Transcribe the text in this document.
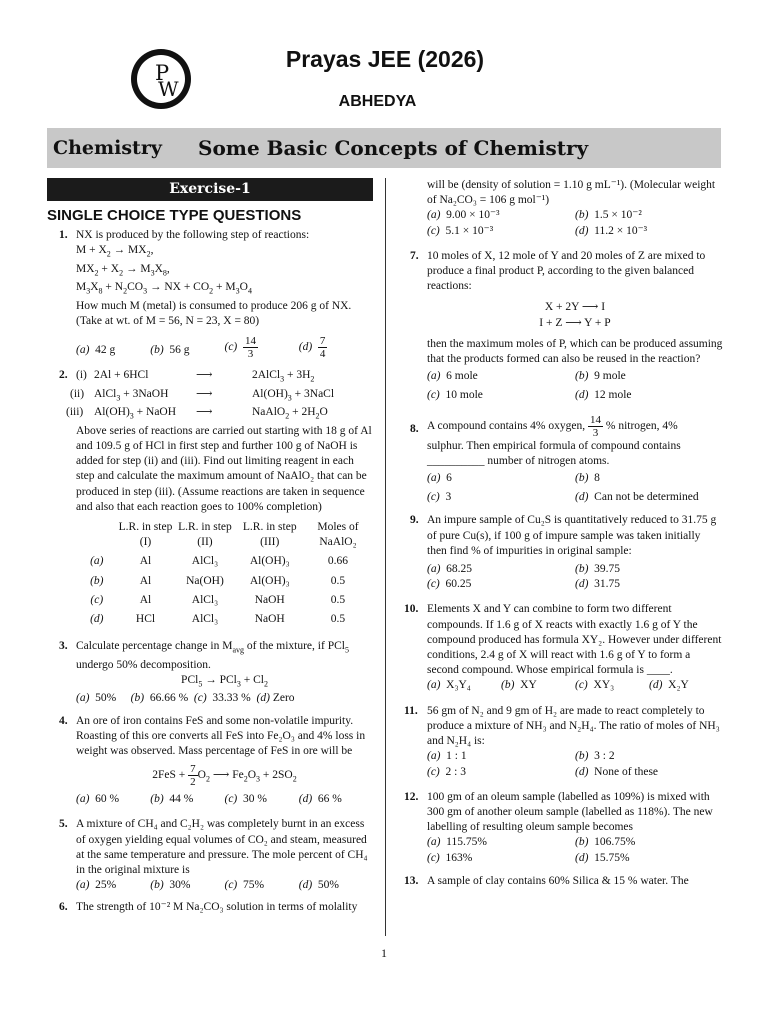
P
W
Prayas JEE (2026)
ABHEDYA
Chemistry	Some Basic Concepts of Chemistry
Exercise-1
SINGLE CHOICE TYPE QUESTIONS
1. NX is produced by the following step of reactions:
$M + X_2 \to MX_2$,
$MX_2 + X_2 \to M_3X_8$,
$M_3X_8 + N_2CO_3$ → NX + $CO_2 + M_3O_4$
How much M (metal) is consumed to produce 206 g of NX.
(Take at wt. of M = 56, N = 23, X = 80)
(a) 42 g	(b) 56 g	$(c) \frac{14}{3}$	$(d) \frac{7}{4}$
2. (i) 2Al + 6HCl	⟶	2AlCl$_3$ + $3H_2$
(ii) AlCl$_3$ + 3NaOH	⟶	$Al(OH)_3$ + 3NaCl
(iii) $Al(OH)_3$ + NaOH	⟶	NaAlO$_2$ + $2H_2O$
Above series of reactions are carried out starting with 18 g of Al and 109.5 g of HCl in first step and further 100 g of NaOH is added for step (ii) and (iii). Find out limiting reagent in each step and calculate the maximum amount of NaAlO₂ that can be produced in step (iii). (Assume reactions are taken in sequence and also that each reaction goes to 100% completion)
	L.R. in step (I)	L.R. in step (II)	L.R. in step (III)	Moles of NaAlO₂
(a)	Al	AlCl₃	Al(OH)₃	0.66
(b)	Al	Na(OH)	Al(OH)₃	0.5
(c)	Al	AlCl₃	NaOH	0.5
(d)	HCl	AlCl₃	NaOH	0.5
3. Calculate percentage change in $M_{avg}$ of the mixture, if PCl$_5$ undergo 50% decomposition.
$PCl_5 \to PCl_3 + Cl_2$
(a) 50% (b) 66.66 % (c) 33.33 % (d) Zero
4. An ore of iron contains FeS and some non-volatile impurity. Roasting of this ore converts all FeS into Fe₂O₃ and 4% loss in weight was observed. Mass percentage of FeS in ore will be
$2FeS + \frac{7}{2} O_2$ ⟶ $Fe_2O_3 + 2SO_2$
(a) 60 %	(b) 44 %	(c) 30 %	(d) 66 %
5. A mixture of CH₄ and C₂H₂ was completely burnt in an excess of oxygen yielding equal volumes of CO₂ and steam, measured at the same temperature and pressure. The mole percent of CH₄ in the original mixture is
(a) 25%	(b) 30%	(c) 75%	(d) 50%
6. The strength of 10⁻² M Na₂CO₃ solution in terms of molality
will be (density of solution = 1.10 g mL⁻¹). (Molecular weight of Na₂CO₃ = 106 g mol⁻¹)
(a) 9.00 × 10⁻³	(b) 1.5 × 10⁻²
(c) 5.1 × 10⁻³	(d) 11.2 × 10⁻³
7. 10 moles of X, 12 mole of Y and 20 moles of Z are mixed to produce a final product P, according to the given balanced reactions:
X + 2Y ⟶ I
I + Z ⟶ Y + P
then the maximum moles of P, which can be produced assuming that the products formed can also be reused in the reaction?
(a) 6 mole	(b) 9 mole
(c) 10 mole	(d) 12 mole
8. A compound contains 4% oxygen, $\frac{14}{3}$ % nitrogen, 4%
sulphur. Then empirical formula of compound contains __________ number of nitrogen atoms.
(a) 6	(b) 8
(c) 3	(d) Can not be determined
9. An impure sample of Cu₂S is quantitatively reduced to 31.75 g of pure Cu(s), if 100 g of impure sample was taken initially then find % of impurities in original sample:
(a) 68.25	(b) 39.75
(c) 60.25	(d) 31.75
10. Elements X and Y can combine to form two different compounds. If 1.6 g of X reacts with exactly 1.6 g of Y the compound produced has formula XY₂. However under different conditions, 2.4 g of X will react with 1.6 g of Y to form a second compound. Whose empirical formula is ____.
(a) X₃Y₄	(b) XY	(c) XY₃	(d) X₂Y
11. 56 gm of N₂ and 9 gm of H₂ are made to react completely to produce a mixture of NH₃ and N₂H₄. The ratio of moles of NH₃ and N₂H₄ is:
(a) 1 : 1	(b) 3 : 2
(c) 2 : 3	(d) None of these
12. 100 gm of an oleum sample (labelled as 109%) is mixed with 300 gm of another oleum sample (labelled as 118%). The new labelling of resulting oleum sample becomes
(a) 115.75%	(b) 106.75%
(c) 163%	(d) 15.75%
13. A sample of clay contains 60% Silica & 15 % water. The
1
